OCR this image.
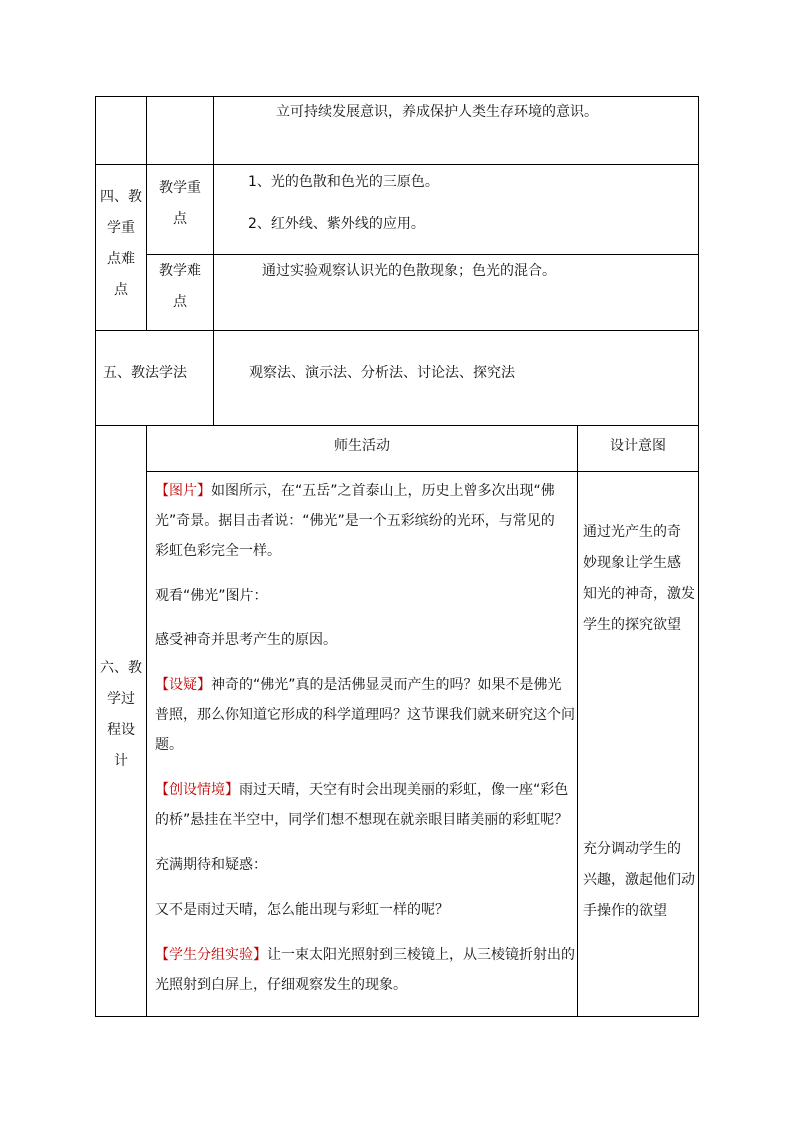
立可持续发展意识，养成保护人类生存环境的意识。
四、教
学重
点难
点
教学重
点
1、光的色散和色光的三原色。
2、红外线、紫外线的应用。
教学难
点
通过实验观察认识光的色散现象；色光的混合。
五、教法学法	观察法、演示法、分析法、讨论法、探究法
六、教
学过
程设
计
师生活动	设计意图
【图片】如图所示，在“五岳”之首泰山上，历史上曾多次出现“佛
光”奇景。据目击者说：“佛光”是一个五彩缤纷的光环，与常见的
彩虹色彩完全一样。
观看“佛光”图片：
感受神奇并思考产生的原因。
【设疑】神奇的“佛光”真的是活佛显灵而产生的吗？如果不是佛光
普照，那么你知道它形成的科学道理吗？这节课我们就来研究这个问
题。
【创设情境】雨过天晴，天空有时会出现美丽的彩虹，像一座“彩色
的桥”悬挂在半空中，同学们想不想现在就亲眼目睹美丽的彩虹呢？
充满期待和疑惑：
又不是雨过天晴，怎么能出现与彩虹一样的呢？
【学生分组实验】让一束太阳光照射到三棱镜上，从三棱镜折射出的
光照射到白屏上，仔细观察发生的现象。
通过光产生的奇
妙现象让学生感
知光的神奇，激发
学生的探究欲望
充分调动学生的
兴趣，激起他们动
手操作的欲望
